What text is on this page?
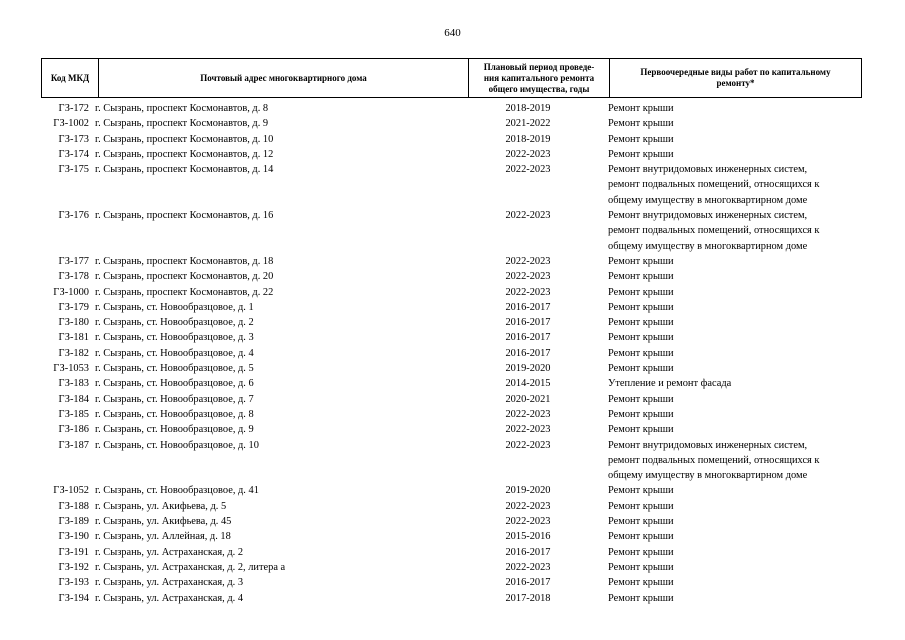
640
Код МКД	Почтовый адрес многоквартирного дома	
Плановый период проведе-
ния капитального ремонта
общего имущества, годы

Первоочередные виды работ по капитальному
ремонту*
ГЗ-172 г. Сызрань, проспект Космонавтов, д. 8	2018-2019	Ремонт крыши
ГЗ-1002 г. Сызрань, проспект Космонавтов, д. 9	2021-2022	Ремонт крыши
ГЗ-173 г. Сызрань, проспект Космонавтов, д. 10	2018-2019	Ремонт крыши
ГЗ-174 г. Сызрань, проспект Космонавтов, д. 12	2022-2023	Ремонт крыши
ГЗ-175 г. Сызрань, проспект Космонавтов, д. 14	2022-2023	Ремонт внутридомовых инженерных систем,
ремонт подвальных помещений, относящихся к
общему имуществу в многоквартирном доме
ГЗ-176 г. Сызрань, проспект Космонавтов, д. 16	2022-2023	Ремонт внутридомовых инженерных систем,
ремонт подвальных помещений, относящихся к
общему имуществу в многоквартирном доме
ГЗ-177 г. Сызрань, проспект Космонавтов, д. 18	2022-2023	Ремонт крыши
ГЗ-178 г. Сызрань, проспект Космонавтов, д. 20	2022-2023	Ремонт крыши
ГЗ-1000 г. Сызрань, проспект Космонавтов, д. 22	2022-2023	Ремонт крыши
ГЗ-179 г. Сызрань, ст. Новообразцовое, д. 1	2016-2017	Ремонт крыши
ГЗ-180 г. Сызрань, ст. Новообразцовое, д. 2	2016-2017	Ремонт крыши
ГЗ-181 г. Сызрань, ст. Новообразцовое, д. 3	2016-2017	Ремонт крыши
ГЗ-182 г. Сызрань, ст. Новообразцовое, д. 4	2016-2017	Ремонт крыши
ГЗ-1053 г. Сызрань, ст. Новообразцовое, д. 5	2019-2020	Ремонт крыши
ГЗ-183 г. Сызрань, ст. Новообразцовое, д. 6	2014-2015	Утепление и ремонт фасада
ГЗ-184 г. Сызрань, ст. Новообразцовое, д. 7	2020-2021	Ремонт крыши
ГЗ-185 г. Сызрань, ст. Новообразцовое, д. 8	2022-2023	Ремонт крыши
ГЗ-186 г. Сызрань, ст. Новообразцовое, д. 9	2022-2023	Ремонт крыши
ГЗ-187 г. Сызрань, ст. Новообразцовое, д. 10	2022-2023	Ремонт внутридомовых инженерных систем,
ремонт подвальных помещений, относящихся к
общему имуществу в многоквартирном доме
ГЗ-1052 г. Сызрань, ст. Новообразцовое, д. 41	2019-2020	Ремонт крыши
ГЗ-188 г. Сызрань, ул. Акифьева, д. 5	2022-2023	Ремонт крыши
ГЗ-189 г. Сызрань, ул. Акифьева, д. 45	2022-2023	Ремонт крыши
ГЗ-190 г. Сызрань, ул. Аллейная, д. 18	2015-2016	Ремонт крыши
ГЗ-191 г. Сызрань, ул. Астраханская, д. 2	2016-2017	Ремонт крыши
ГЗ-192 г. Сызрань, ул. Астраханская, д. 2, литера а	2022-2023	Ремонт крыши
ГЗ-193 г. Сызрань, ул. Астраханская, д. 3	2016-2017	Ремонт крыши
ГЗ-194 г. Сызрань, ул. Астраханская, д. 4	2017-2018	Ремонт крыши
